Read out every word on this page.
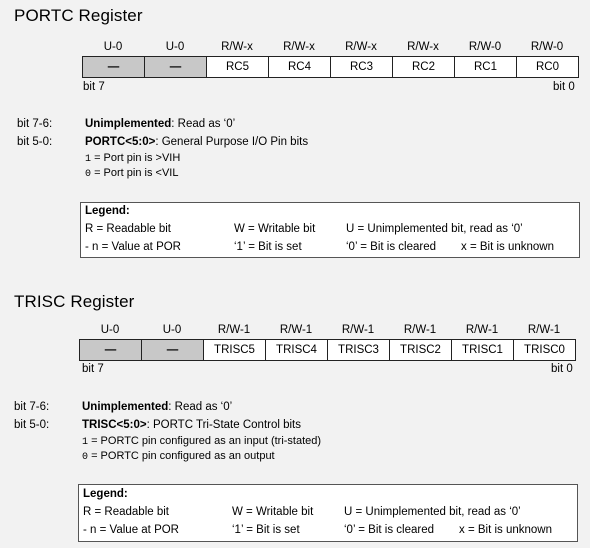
PORTC Register
U-0	U-0	R/W-x	R/W-x	R/W-x	R/W-x	R/W-0	R/W-0
—	—	RC5	RC4	RC3	RC2	RC1	RC0
bit 7	bit 0
bit 7-6:	Unimplemented: Read as ‘0’
bit 5-0:	PORTC<5:0>: General Purpose I/O Pin bits
1 = Port pin is >VIH
0 = Port pin is <VIL
Legend:
R = Readable bit	W = Writable bit	U = Unimplemented bit, read as ‘0’
- n = Value at POR	‘1’ = Bit is set	‘0’ = Bit is cleared x = Bit is unknown
TRISC Register
U-0	U-0	R/W-1	R/W-1	R/W-1	R/W-1	R/W-1	R/W-1
—	—	TRISC5	TRISC4	TRISC3	TRISC2	TRISC1	TRISC0
bit 7	bit 0
bit 7-6:	Unimplemented: Read as ‘0’
bit 5-0:	TRISC<5:0>: PORTC Tri-State Control bits
1 = PORTC pin configured as an input (tri-stated)
0 = PORTC pin configured as an output
Legend:
R = Readable bit	W = Writable bit	U = Unimplemented bit, read as ‘0’
- n = Value at POR	‘1’ = Bit is set	‘0’ = Bit is cleared x = Bit is unknown
